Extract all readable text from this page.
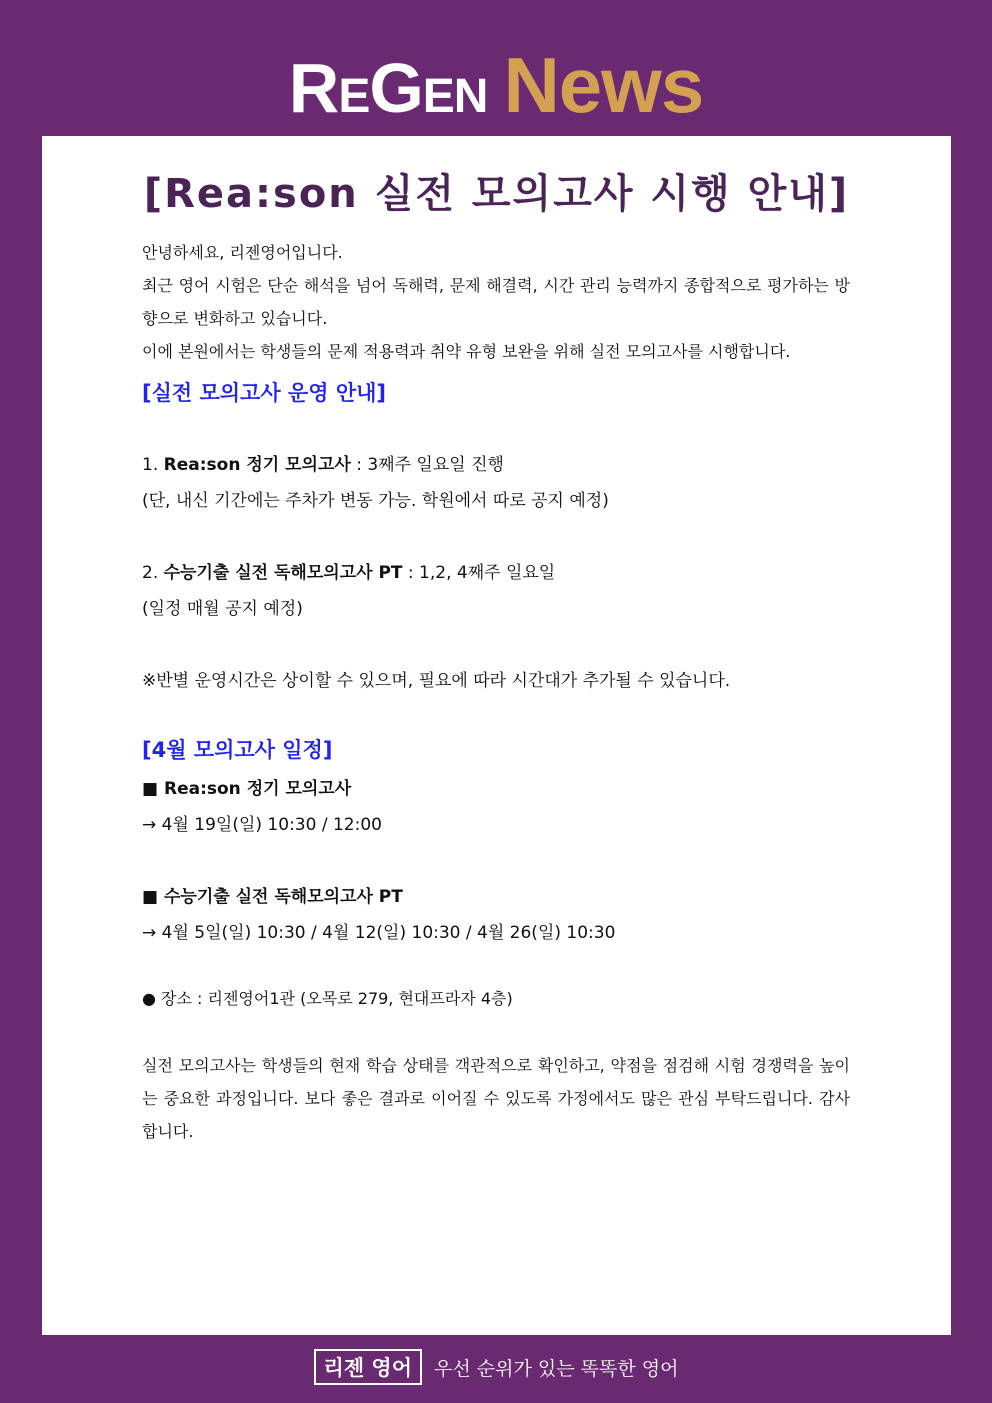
REGEN News
[Rea:son 실전 모의고사 시행 안내]

안녕하세요, 리젠영어입니다.

최근 영어 시험은 단순 해석을 넘어 독해력, 문제 해결력, 시간 관리 능력까지 종합적으로 평가하는 방향으로 변화하고 있습니다.

이에 본원에서는 학생들의 문제 적용력과 취약 유형 보완을 위해 실전 모의고사를 시행합니다.

[실전 모의고사 운영 안내]

1. Rea:son 정기 모의고사 : 3째주 일요일 진행

(단, 내신 기간에는 주차가 변동 가능. 학원에서 따로 공지 예정)

2. 수능기출 실전 독해모의고사 PT : 1,2, 4째주 일요일

(일정 매월 공지 예정)

※반별 운영시간은 상이할 수 있으며, 필요에 따라 시간대가 추가될 수 있습니다.

[4월 모의고사 일정]

■ Rea:son 정기 모의고사

→ 4월 19일(일) 10:30 / 12:00

■ 수능기출 실전 독해모의고사 PT

→ 4월 5일(일) 10:30 / 4월 12(일) 10:30 / 4월 26(일) 10:30

● 장소 : 리젠영어1관 (오목로 279, 현대프라자 4층)

실전 모의고사는 학생들의 현재 학습 상태를 객관적으로 확인하고, 약점을 점검해 시험 경쟁력을 높이는 중요한 과정입니다. 보다 좋은 결과로 이어질 수 있도록 가정에서도 많은 관심 부탁드립니다. 감사합니다.

리젠 영어 우선 순위가 있는 똑똑한 영어
